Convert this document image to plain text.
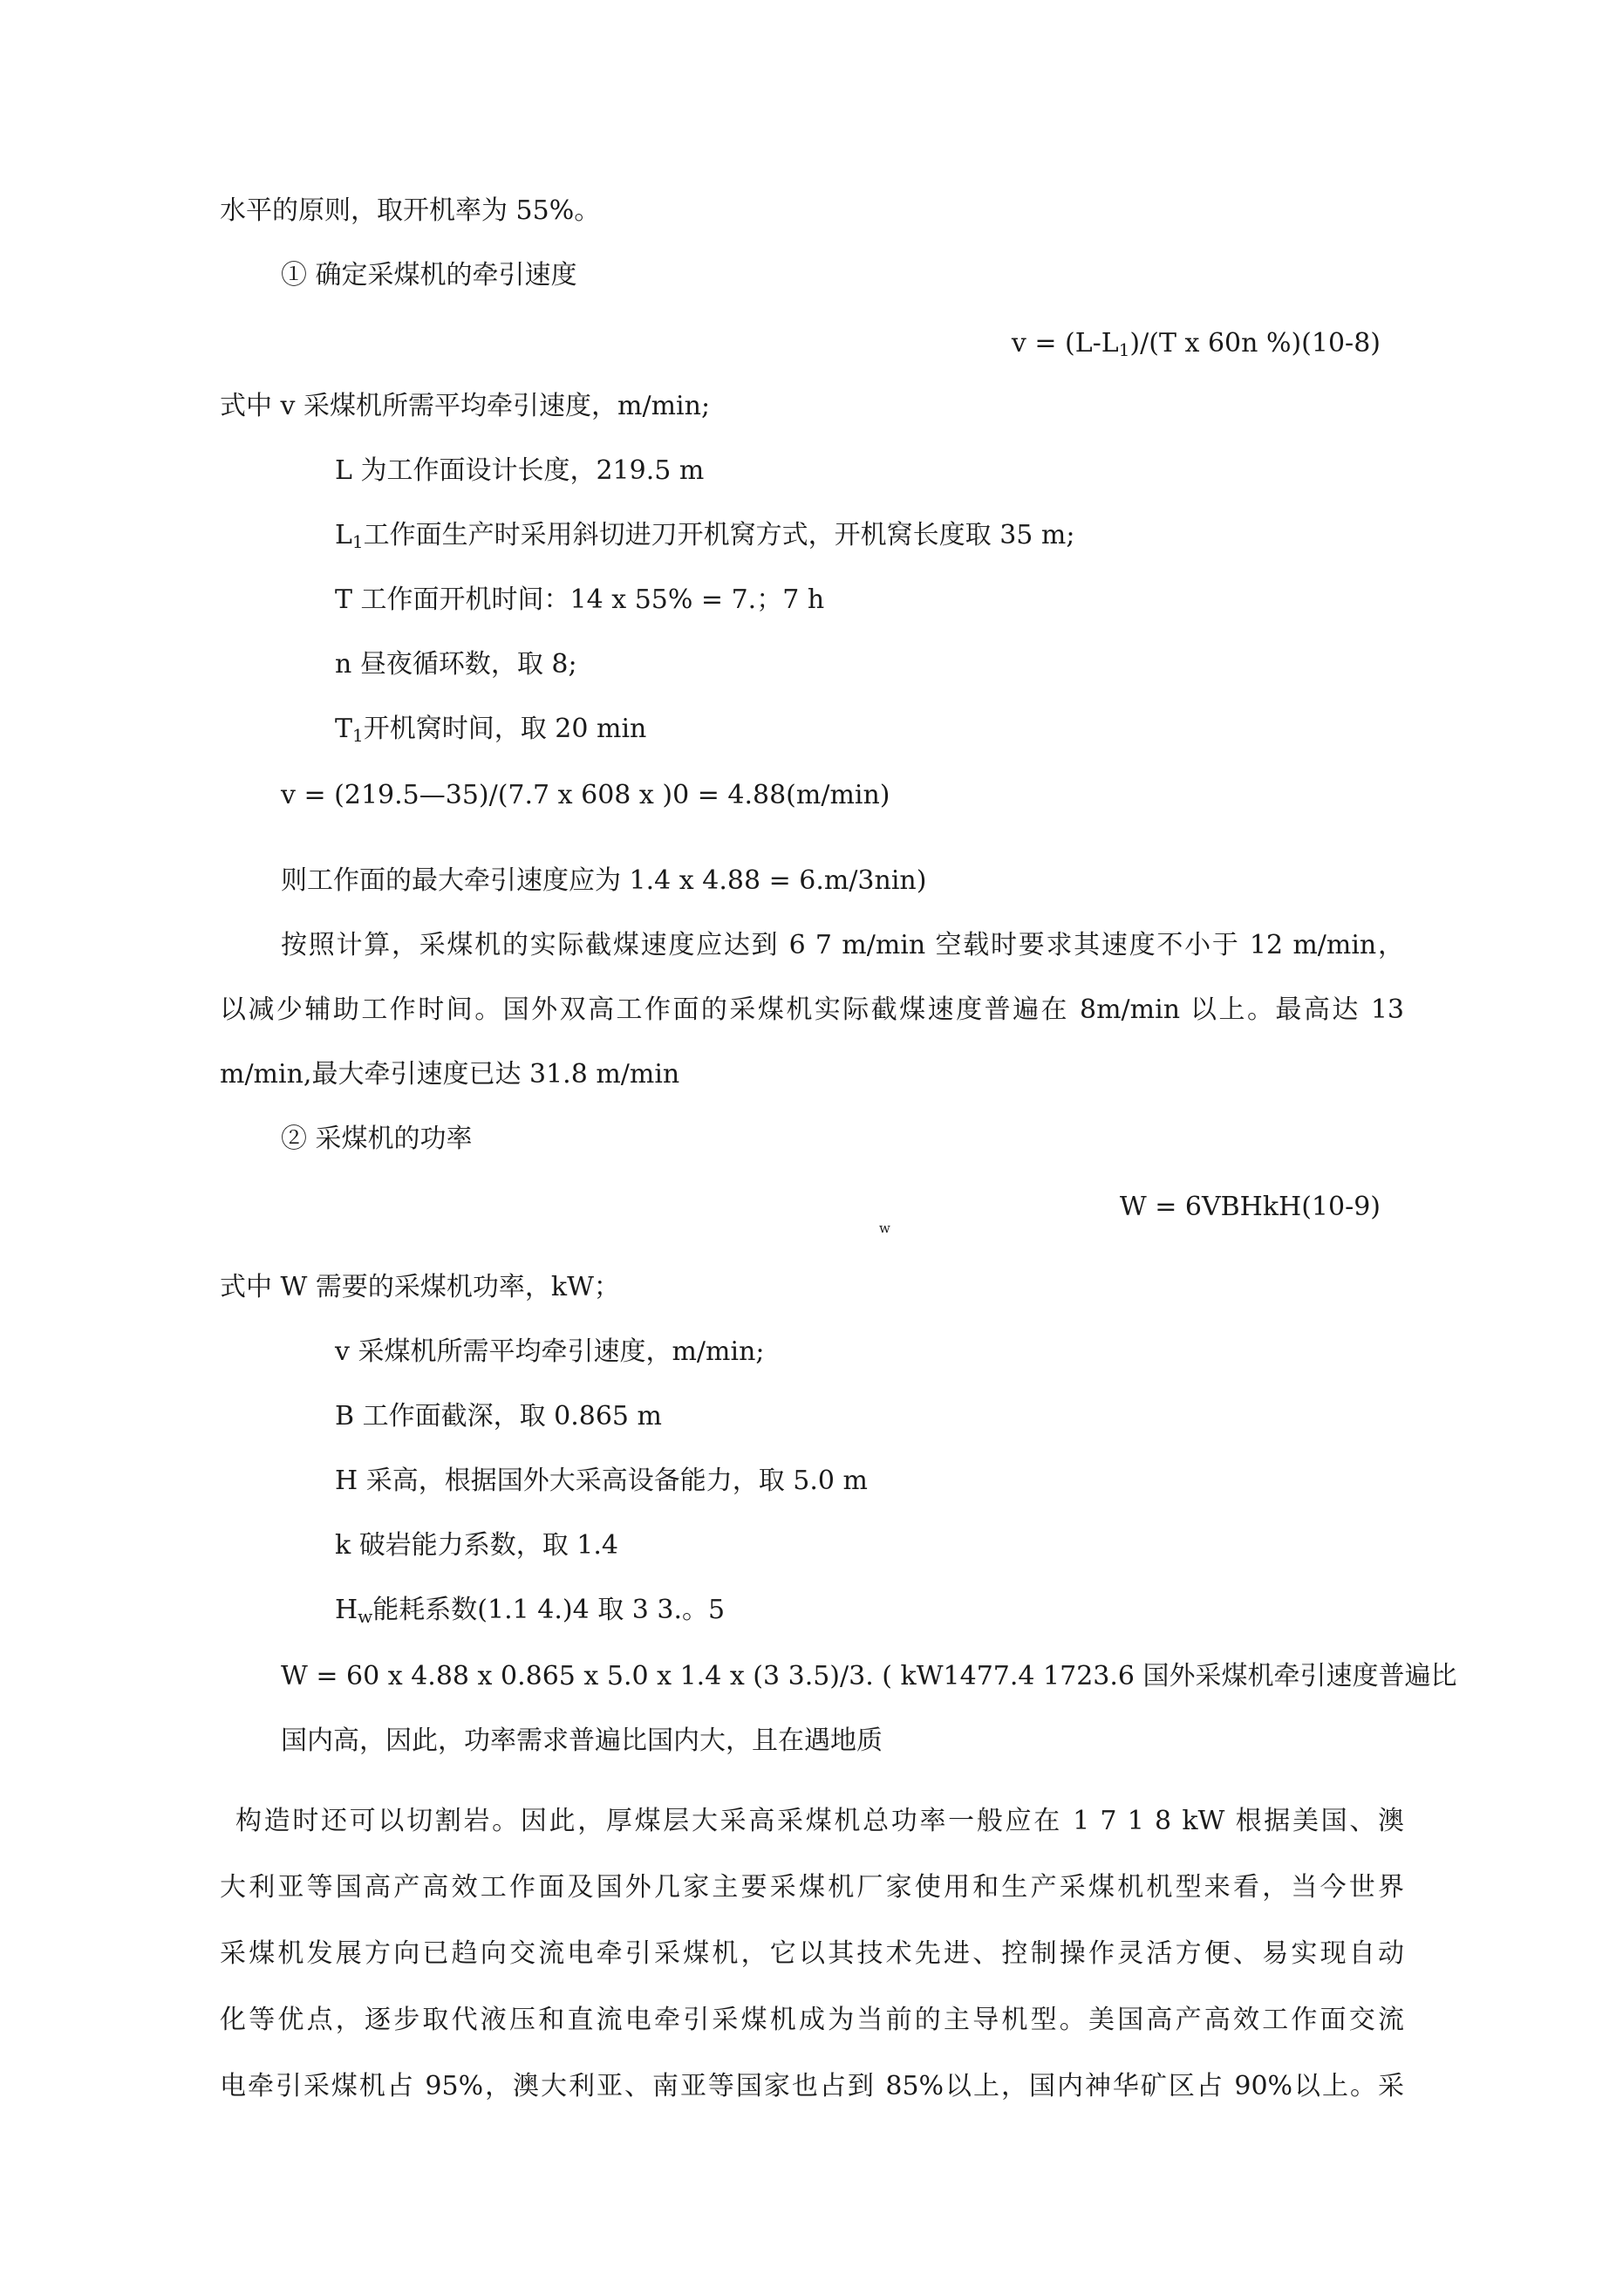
水平的原则，取开机率为 55%。
① 确定采煤机的牵引速度
$v = (L-L_1)/(T$ x 60n %)(10-8)
式中 v 采煤机所需平均牵引速度，m/min;
L 为工作面设计长度，219.5 m
$L_1$工作面生产时采用斜切进刀开机窝方式，开机窝长度取 35 m;
T 工作面开机时间：14 x 55% = 7.；7 h
n 昼夜循环数，取 8;
$T_1$开机窝时间，取 20 min
v = (219.5—35)/(7.7 x 608 x )0 = 4.88(m/min)
则工作面的最大牵引速度应为 1.4 x 4.88 = 6.m/3nin)
按照计算，采煤机的实际截煤速度应达到 6 7 m/min 空载时要求其速度不小于 12 m/min，
以减少辅助工作时间。国外双高工作面的采煤机实际截煤速度普遍在 8m/min 以上。最高达 13
m/min,最大牵引速度已达 31.8 m/min
② 采煤机的功率
W = 6VBHkH(10-9)
w
式中 W 需要的采煤机功率，kW；
v 采煤机所需平均牵引速度，m/min;
B 工作面截深，取 0.865 m
H 采高，根据国外大采高设备能力，取 5.0 m
k 破岩能力系数，取 1.4
$H_w$能耗系数(1.1 4.)4 取 3 3.。5
W = 60 x 4.88 x 0.865 x 5.0 x 1.4 x (3 3.5)/3. ( kW1477.4 1723.6 国外采煤机牵引速度普遍比
国内高，因此，功率需求普遍比国内大，且在遇地质
构造时还可以切割岩。因此，厚煤层大采高采煤机总功率一般应在 1 7 1 8 kW 根据美国、澳
大利亚等国高产高效工作面及国外几家主要采煤机厂家使用和生产采煤机机型来看，当今世界
采煤机发展方向已趋向交流电牵引采煤机，它以其技术先进、控制操作灵活方便、易实现自动
化等优点，逐步取代液压和直流电牵引采煤机成为当前的主导机型。美国高产高效工作面交流
电牵引采煤机占 95%，澳大利亚、南亚等国家也占到 85%以上，国内神华矿区占 90%以上。采
